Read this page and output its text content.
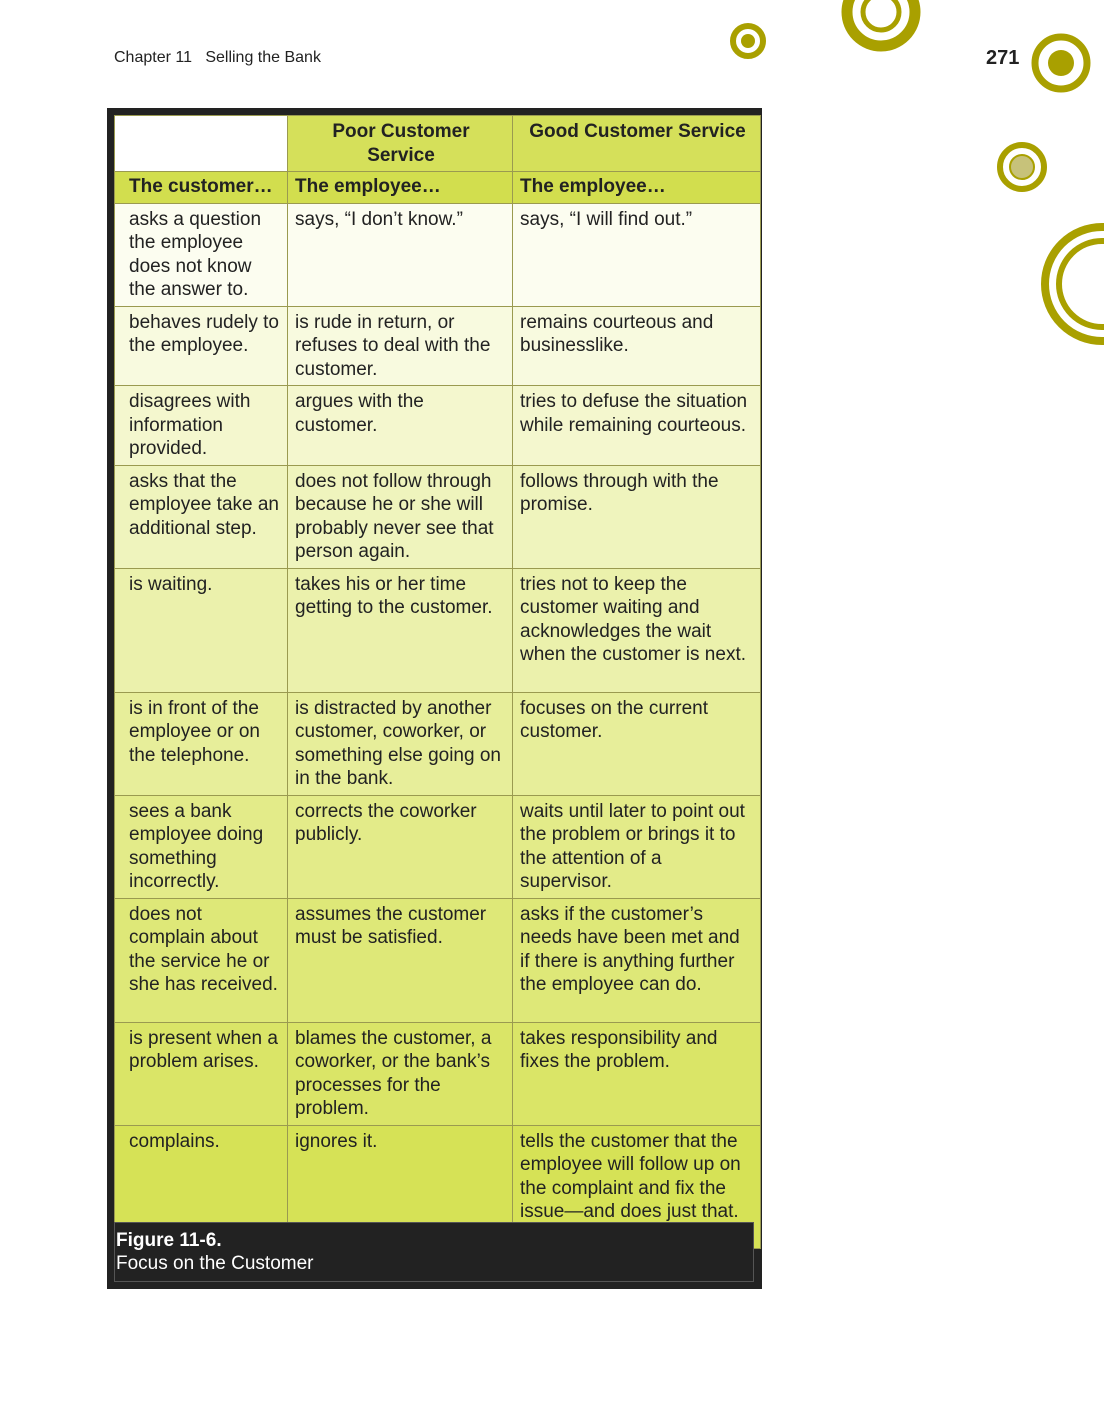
Chapter 11   Selling the Bank	271
	Poor Customer Service	Good Customer Service
The customer…	The employee…	The employee…
asks a question the employee does not know the answer to.	says, “I don’t know.”	says, “I will find out.”
behaves rudely to the employee.	is rude in return, or refuses to deal with the customer.	remains courteous and businesslike.
disagrees with information provided.	argues with the customer.	tries to defuse the situation while remaining courteous.
asks that the employee take an additional step.	does not follow through because he or she will probably never see that person again.	follows through with the promise.
is waiting.	takes his or her time getting to the customer.	tries not to keep the customer waiting and acknowledges the wait when the customer is next.
is in front of the employee or on the telephone.	is distracted by another customer, coworker, or something else going on in the bank.	focuses on the current customer.
sees a bank employee doing something incorrectly.	corrects the coworker publicly.	waits until later to point out the problem or brings it to the attention of a supervisor.
does not complain about the service he or she has received.	assumes the customer must be satisfied.	asks if the customer’s needs have been met and if there is anything further the employee can do.
is present when a problem arises.	blames the customer, a coworker, or the bank’s processes for the problem.	takes responsibility and fixes the problem.
complains.	ignores it.	tells the customer that the employee will follow up on the complaint and fix the issue—and does just that.
Figure 11-6.
Focus on the Customer
